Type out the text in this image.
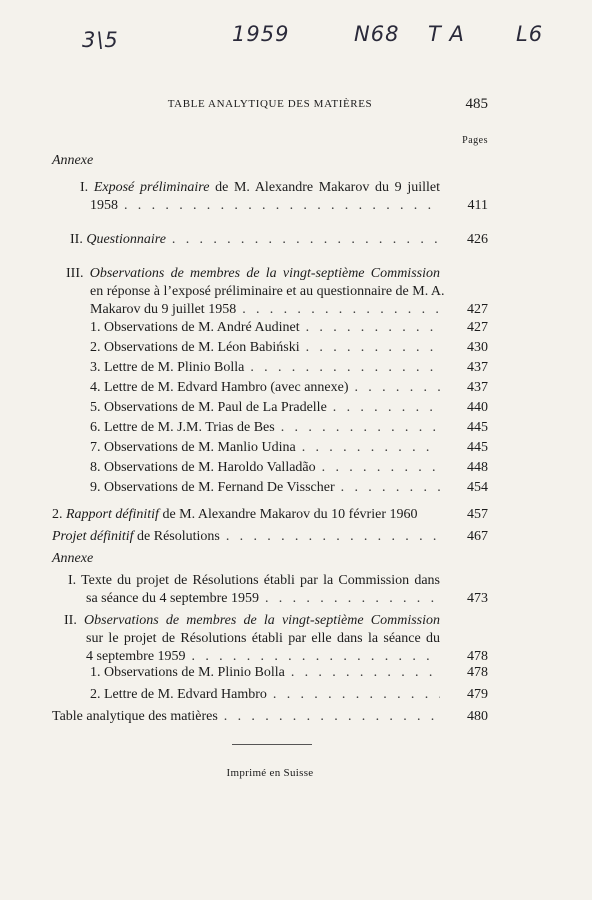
3\5	1959	N68 T A L6
TABLE ANALYTIQUE DES MATIÈRES	485
Pages
Annexe
I. Exposé préliminaire de M. Alexandre Makarov du 9 juillet
1958 . . .	411
II. Questionnaire . . .	426
III. Observations de membres de la vingt-septième Commission
en réponse à l’exposé préliminaire et au questionnaire de M. A.
Makarov du 9 juillet 1958 . . .	427
1. Observations de M. André Audinet . . .	427
2. Observations de M. Léon Babiński . . .	430
3. Lettre de M. Plinio Bolla . . .	437
4. Lettre de M. Edvard Hambro (avec annexe) . . .	437
5. Observations de M. Paul de La Pradelle . . .	440
6. Lettre de M. J.M. Trias de Bes . . .	445
7. Observations de M. Manlio Udina . . .	445
8. Observations de M. Haroldo Valladão . . .	448
9. Observations de M. Fernand De Visscher . . .	454
2. Rapport définitif de M. Alexandre Makarov du 10 février 1960	457
Projet définitif de Résolutions . . .	467
Annexe
I. Texte du projet de Résolutions établi par la Commission dans
sa séance du 4 septembre 1959 . . .	473
II. Observations de membres de la vingt-septième Commission
sur le projet de Résolutions établi par elle dans la séance du
4 septembre 1959 . . .	478
1. Observations de M. Plinio Bolla . . .	478
2. Lettre de M. Edvard Hambro . . .	479
Table analytique des matières . . .	480
Imprimé en Suisse
